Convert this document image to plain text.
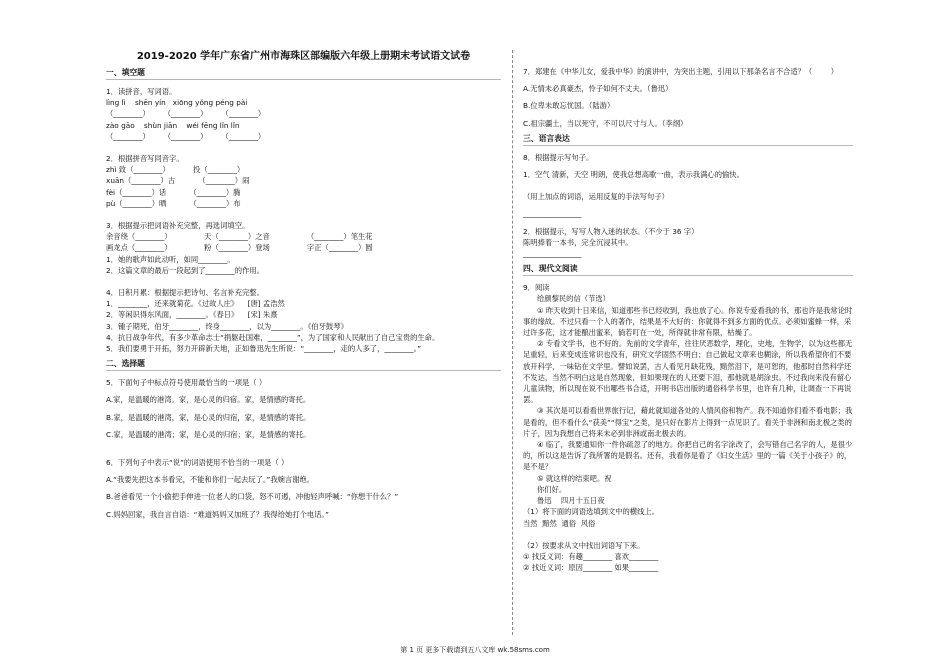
2019-2020 学年广东省广州市海珠区部编版六年级上册期末考试语文试卷
一、填空题
1．读拼音，写词语。
lìng lì    shēn yín   xiōng yǒng péng pài
（________）      （________）      （________）
zào gāo    shùn jiān    wéi fēng lǐn lǐn
（________）      （________）      （________）
2．根据拼音写同音字。
zhì 致（________）          投（________）
xuān（________）古          （________）闹
fèi（________）话          （________）腾
pù（________）晒          （________）布
3．根据提示把词语补充完整，再选词填空。
余音绕（________）              天（________）之音                （________）笔生花
画龙点（________）              粉（________）登场                字正（________）圆
1．她的歌声如此动听，如同________。
2．这篇文章的最后一段起到了________的作用。
4．日积月累：根据提示把诗句、名言补充完整。
1．________，还来就菊花。《过故人庄》    [唐] 孟浩然
2．等闲识得东风面，________。《春日》    [宋] 朱熹
3．锺子期死，伯牙________，终身________，以为________。《伯牙鼓琴》
4．抗日战争年代，有多少革命志士“捐躯赴国难，________”，为了国家和人民献出了自己宝贵的生命。
5．我们要勇于开拓，努力开辟新天地，正如鲁迅先生所说：“________，走的人多了，________。”
二、选择题
5．下面句子中标点符号使用最恰当的一项是（ ）
A.家，是温暖的港湾。家，是心灵的归宿。家，是情感的寄托。
B.家，是温暖的港湾，家，是心灵的归宿，家，是情感的寄托。
C.家，是温暖的港湾；家，是心灵的归宿；家，是情感的寄托。
6．下列句子中表示“说”的词语使用不恰当的一项是（ ）
A.“我要先把这本书看完，不能和你们一起去玩了。”我婉言谢绝。
B.爸爸看见一个小偷把手伸进一位老人的口袋，怒不可遏，冲他轻声呼喊：“你想干什么？”
C.妈妈回家，我自言自语：“难道妈妈又加班了？我得给她打个电话。”
7．郑建在《中华儿女，爱我中华》的演讲中，为突出主题，引用以下那条名言不合适？（        ）
A.无情未必真豪杰，怜子如何不丈夫。（鲁迅）
B.位卑未敢忘忧国。（陆游）
C.祖宗疆土，当以死守，不可以尺寸与人。（李纲）
三、语言表达
8．根据提示写句子。
1．空气 清新，天空 明朗，使我总想高歌一曲，表示我满心的愉快。
（用上加点的词语，运用反复的手法写句子）
________________
2．根据提示，写写人物入迷的状态。（不少于 36 字）
陈明捧着一本书，完全沉浸其中。
________________
四、现代文阅读
9．阅读
给颜黎民的信（节选）
① 昨天收到十日来信，知道那些书已经收到，我也放了心。你说专爱看我的书，那也许是我常论时事的缘故。不过只看一个人的著作，结果是不大好的：你就得不到多方面的优点。必须如蜜蜂一样，采过许多花，这才能酿出蜜来，倘若叮在一处，所得就非常有限，枯燥了。
② 专看文学书，也不好的。先前的文学青年，往往厌恶数学，理化，史地，生物学，以为这些都无足重轻，后来变成连常识也没有，研究文学固然不明白；自己做起文章来也糊涂，所以我希望你们不要放开科学，一味钻在文学里。譬如说罢，古人看见月缺花残，黯然泪下，是可恕的，他那时自然科学还不发达，当然不明白这是自然现象，但如果现在的人还要下泪，那他就是胡涂虫。不过我向来没有留心儿童读物，所以现在说不出哪些书合适，开明书店出版的通俗科学书里，也许有几种，让调查一下再说罢。
③ 其次是可以看看世界旅行记，藉此就知道各处的人情风俗和物产。我不知道你们看不看电影；我是看的，但不看什么“获美”“得宝”之类，是只好在影片上得到一点见识了。看关于非洲和南北极之类的片子，因为我想自己将来未必到非洲或南北极去的。
④ 临了，我要通知你一件你疏忽了的地方。你把自己的名字涂改了，会写错自己名字的人，是很少的，所以这是告诉了我所署的是假名。还有，我看你是看了《妇女生活》里的一篇《关于小孩子》的，是不是？
⑤ 就这样的结束吧。祝
你们好。
鲁迅    四月十五日夜
（1）将下面的词语选填到文中的横线上。
当然  黯然  通俗  风俗
（2）按要求从文中找出词语写下来。
① 找反义词：有趣________ 喜欢________
② 找近义词：原因________ 如果________
第 1 页 更多下载请到五八文库 wk.58sms.com
